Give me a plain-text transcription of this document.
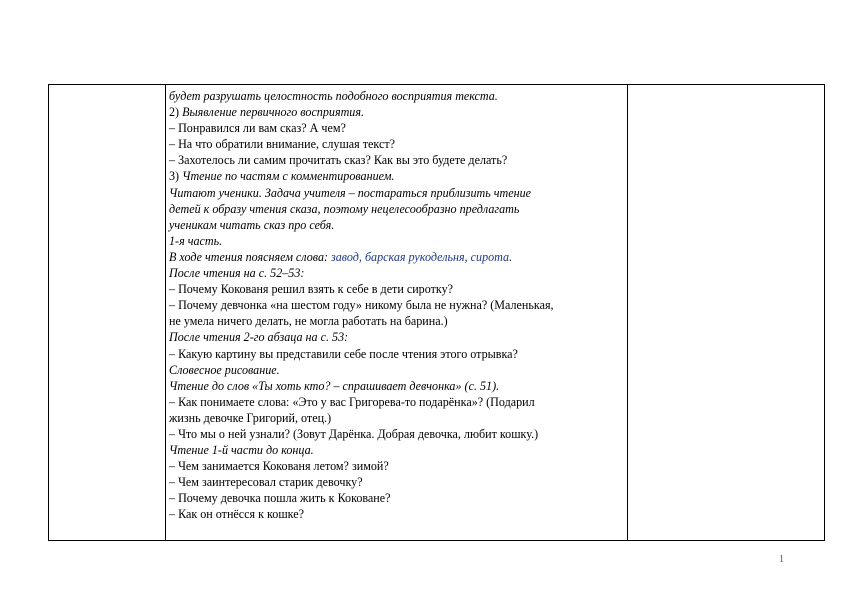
будет разрушать целостность подобного восприятия текста.
2) Выявление первичного восприятия.
– Понравился ли вам сказ? А чем?
– На что обратили внимание, слушая текст?
– Захотелось ли самим прочитать сказ? Как вы это будете делать?
3) Чтение по частям с комментированием.
Читают ученики. Задача учителя – постараться приблизить чтение
детей к образу чтения сказа, поэтому нецелесообразно предлагать
ученикам читать сказ про себя.
1-я часть.
В ходе чтения поясняем слова: завод, барская рукодельня, сирота.
После чтения на с. 52–53:
– Почему Кокованя решил взять к себе в дети сиротку?
– Почему девчонка «на шестом году» никому была не нужна? (Маленькая,
не умела ничего делать, не могла работать на барина.)
После чтения 2-го абзаца на с. 53:
– Какую картину вы представили себе после чтения этого отрывка?
Словесное рисование.
Чтение до слов «Ты хоть кто? – спрашивает девчонка» (с. 51).
– Как понимаете слова: «Это у вас Григорева-то подарёнка»? (Подарил
жизнь девочке Григорий, отец.)
– Что мы о ней узнали? (Зовут Дарёнка. Добрая девочка, любит кошку.)
Чтение 1-й части до конца.
– Чем занимается Кокованя летом? зимой?
– Чем заинтересовал старик девочку?
– Почему девочка пошла жить к Коковане?
– Как он отнёсся к кошке?
1
